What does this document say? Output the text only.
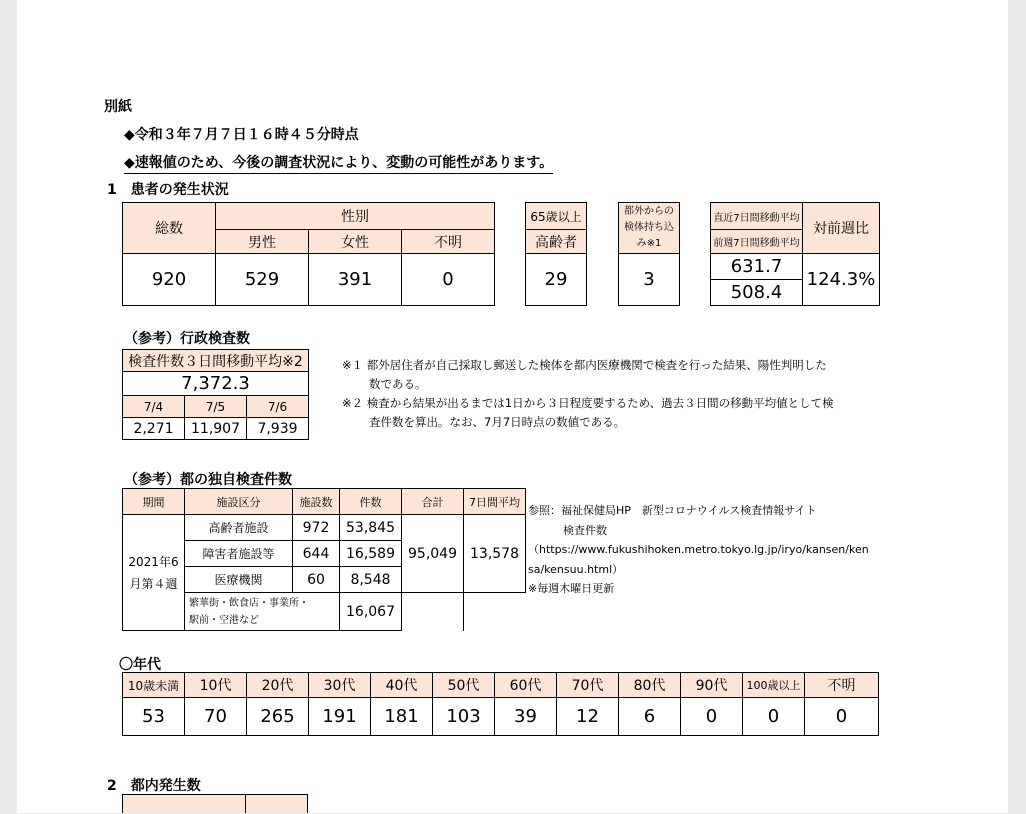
別紙
◆令和３年７月７日１６時４５分時点
◆速報値のため、今後の調査状況により、変動の可能性があります。
1　患者の発生状況
総数	性別		
	男性	女性	不明
920	529	391	0
65歳以上
高齢者
29
都外からの
検体持ち込
み※1

3
直近7日間移動平均	対前週比
前週7日間移動平均	
631.7	124.3%
508.4	
（参考）行政検査数
検査件数３日間移動平均※2		
7,372.3		
7/4	7/5	7/6
2,271	11,907	7,939
※１ 都外居住者が自己採取し郵送した検体を都内医療機関で検査を行った結果、陽性判明した
数である。
※２ 検査から結果が出るまでは1日から３日程度要するため、過去３日間の移動平均値として検
査件数を算出。なお、7月7日時点の数値である。
（参考）都の独自検査件数
期間	施設区分	施設数	件数	合計	7日間平均

2021年6
月第４週	高齢者施設	972	53,845	95,049	13,578
	障害者施設等	644	16,589		
	医療機関	60	8,548		

	繁華街・飲食店・事業所・
駅前・空港など		16,067		
参照：福祉保健局HP　新型コロナウイルス検査情報サイト
検査件数
（https://www.fukushihoken.metro.tokyo.lg.jp/iryo/kansen/ken
sa/kensuu.html）
※毎週木曜日更新
〇年代
10歳未満	10代	20代	30代	40代	50代	60代	70代	80代	90代	100歳以上	不明
53	70	265	191	181	103	39	12	6	0	0	0
2　都内発生数
